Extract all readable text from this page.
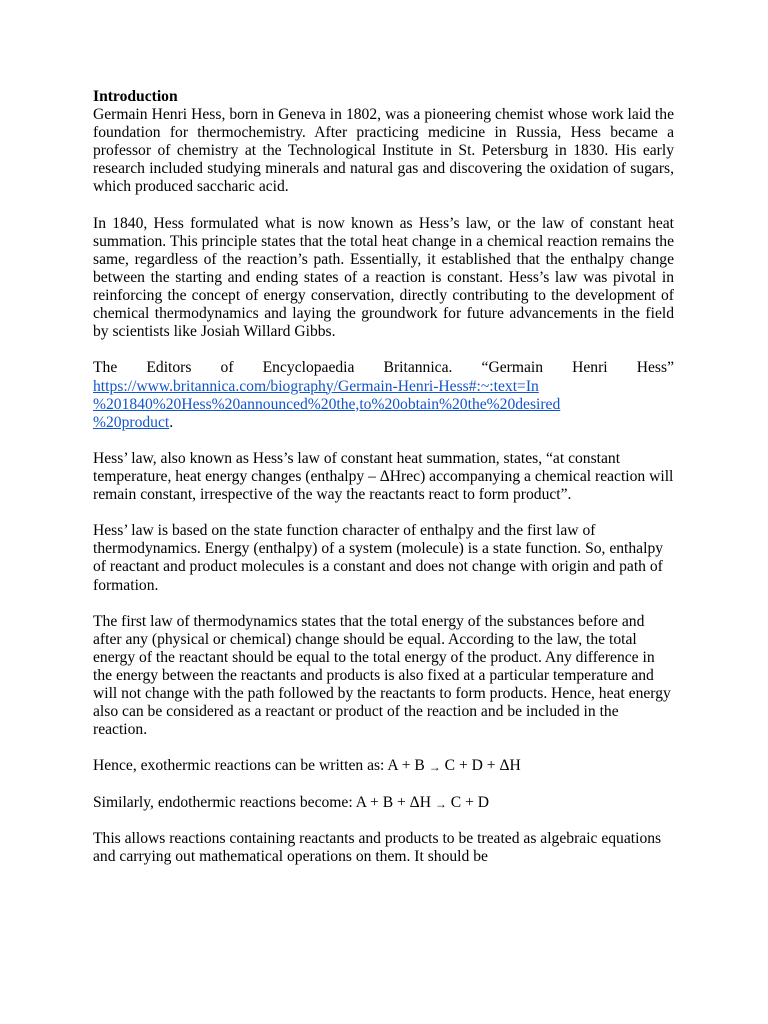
Introduction

Germain Henri Hess, born in Geneva in 1802, was a pioneering chemist whose work laid the foundation for thermochemistry. After practicing medicine in Russia, Hess became a professor of chemistry at the Technological Institute in St. Petersburg in 1830. His early research included studying minerals and natural gas and discovering the oxidation of sugars, which produced saccharic acid.

In 1840, Hess formulated what is now known as Hess’s law, or the law of constant heat summation. This principle states that the total heat change in a chemical reaction remains the same, regardless of the reaction’s path. Essentially, it established that the enthalpy change between the starting and ending states of a reaction is constant. Hess’s law was pivotal in reinforcing the concept of energy conservation, directly contributing to the development of chemical thermodynamics and laying the groundwork for future advancements in the field by scientists like Josiah Willard Gibbs.

The Editors of Encyclopaedia Britannica. “Germain Henri Hess”

https://www.britannica.com/biography/Germain-Henri-Hess#:~:text=In
%201840%20Hess%20announced%20the,to%20obtain%20the%20desired
%20product.

Hess’ law, also known as Hess’s law of constant heat summation, states, “at constant temperature, heat energy changes (enthalpy – ΔHrec) accompanying a chemical reaction will remain constant, irrespective of the way the reactants react to form product”.

Hess’ law is based on the state function character of enthalpy and the first law of thermodynamics. Energy (enthalpy) of a system (molecule) is a state function. So, enthalpy of reactant and product molecules is a constant and does not change with origin and path of formation.

The first law of thermodynamics states that the total energy of the substances before and after any (physical or chemical) change should be equal. According to the law, the total energy of the reactant should be equal to the total energy of the product. Any difference in the energy between the reactants and products is also fixed at a particular temperature and will not change with the path followed by the reactants to form products. Hence, heat energy also can be considered as a reactant or product of the reaction and be included in the reaction.

Hence, exothermic reactions can be written as: A + B → C + D + ΔH

Similarly, endothermic reactions become: A + B + ΔH → C + D

This allows reactions containing reactants and products to be treated as algebraic equations and carrying out mathematical operations on them. It should be
